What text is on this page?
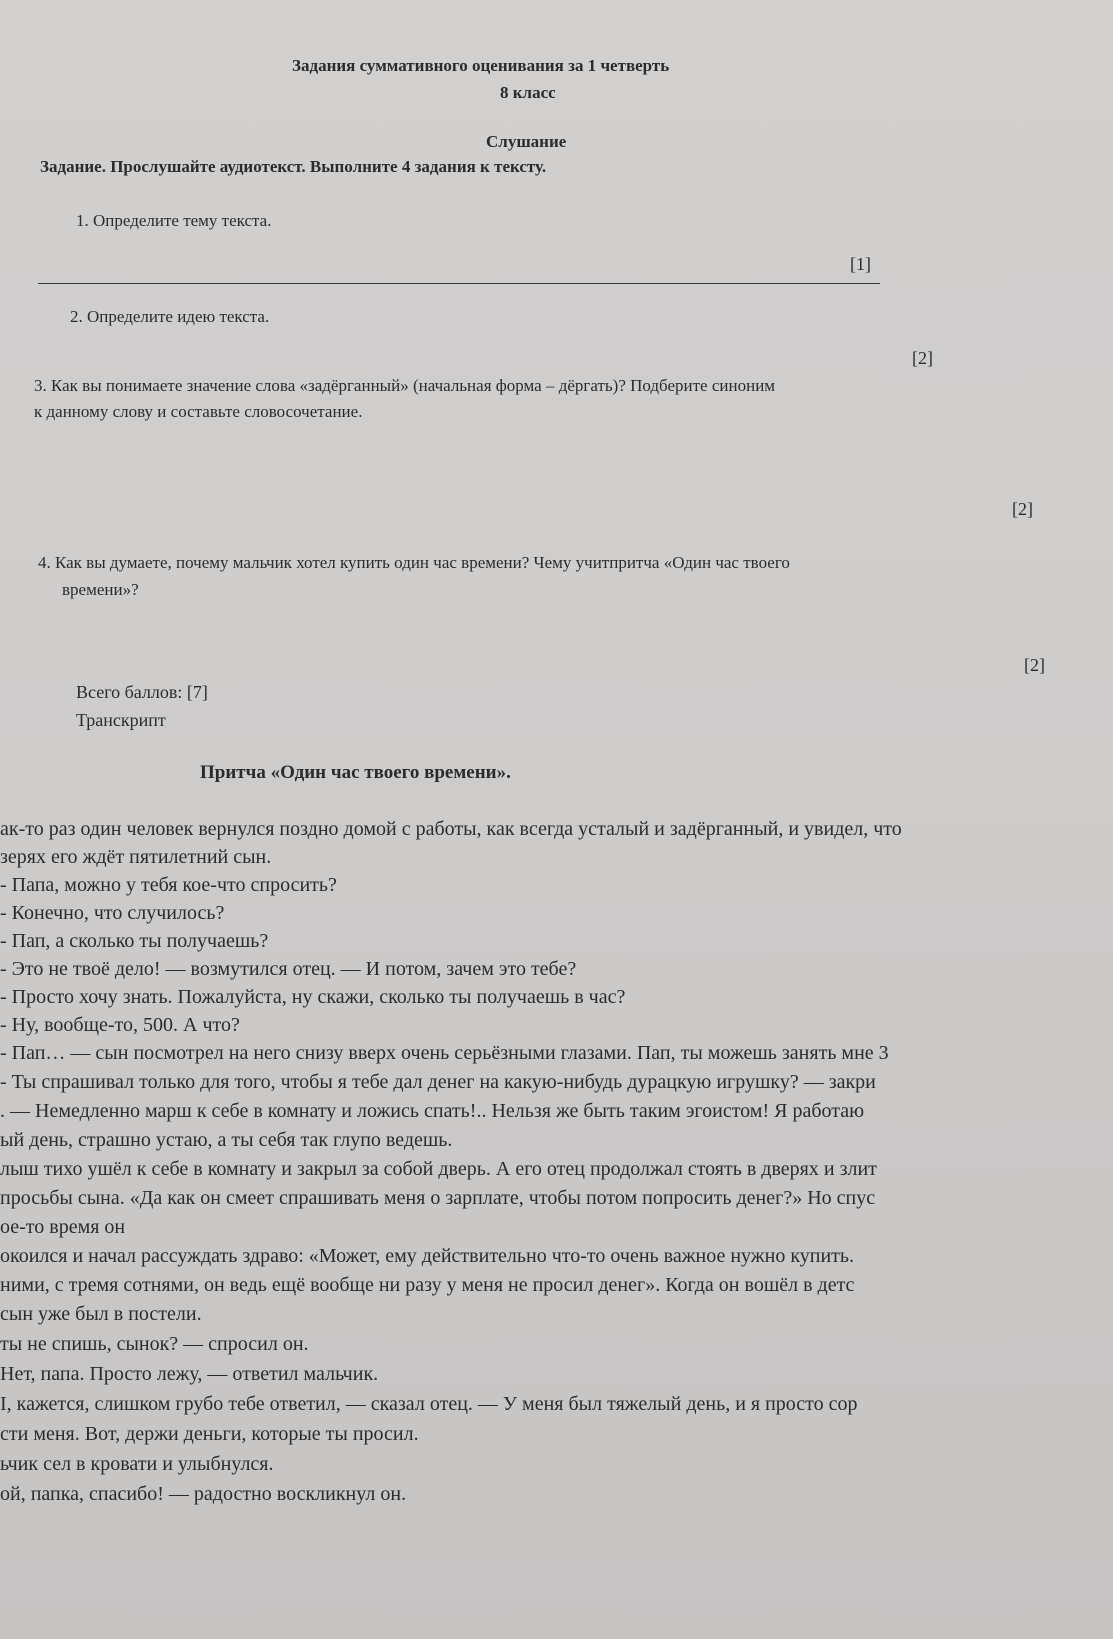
Задания суммативного оценивания за 1 четверть
8 класс
Слушание
Задание. Прослушайте аудиотекст. Выполните 4 задания к тексту.
1. Определите тему текста.
[1]
2. Определите идею текста.
[2]
3. Как вы понимаете значение слова «задёрганный» (начальная форма – дёргать)? Подберите синоним
к данному слову и составьте словосочетание.
[2]
4. Как вы думаете, почему мальчик хотел купить один час времени? Чему учитпритча «Один час твоего
времени»?
[2]
Всего баллов: [7]
Транскрипт
Притча «Один час твоего времени».
ак-то раз один человек вернулся поздно домой с работы, как всегда усталый и задёрганный, и увидел, что
зерях его ждёт пятилетний сын.
- Папа, можно у тебя кое-что спросить?
- Конечно, что случилось?
- Пап, а сколько ты получаешь?
- Это не твоё дело! — возмутился отец. — И потом, зачем это тебе?
- Просто хочу знать. Пожалуйста, ну скажи, сколько ты получаешь в час?
- Ну, вообще-то, 500. А что?
- Пап… — сын посмотрел на него снизу вверх очень серьёзными глазами. Пап, ты можешь занять мне 3
- Ты спрашивал только для того, чтобы я тебе дал денег на какую-нибудь дурацкую игрушку? — закри
. — Немедленно марш к себе в комнату и ложись спать!.. Нельзя же быть таким эгоистом! Я работаю
ый день, страшно устаю, а ты себя так глупо ведешь.
лыш тихо ушёл к себе в комнату и закрыл за собой дверь. А его отец продолжал стоять в дверях и злит
просьбы сына. «Да как он смеет спрашивать меня о зарплате, чтобы потом попросить денег?» Но спус
ое-то время он
окоился и начал рассуждать здраво: «Может, ему действительно что-то очень важное нужно купить.
ними, с тремя сотнями, он ведь ещё вообще ни разу у меня не просил денег». Когда он вошёл в детс
сын уже был в постели.
ты не спишь, сынок? — спросил он.
Нет, папа. Просто лежу, — ответил мальчик.
І, кажется, слишком грубо тебе ответил, — сказал отец. — У меня был тяжелый день, и я просто сор
сти меня. Вот, держи деньги, которые ты просил.
ьчик сел в кровати и улыбнулся.
ой, папка, спасибо! — радостно воскликнул он.
